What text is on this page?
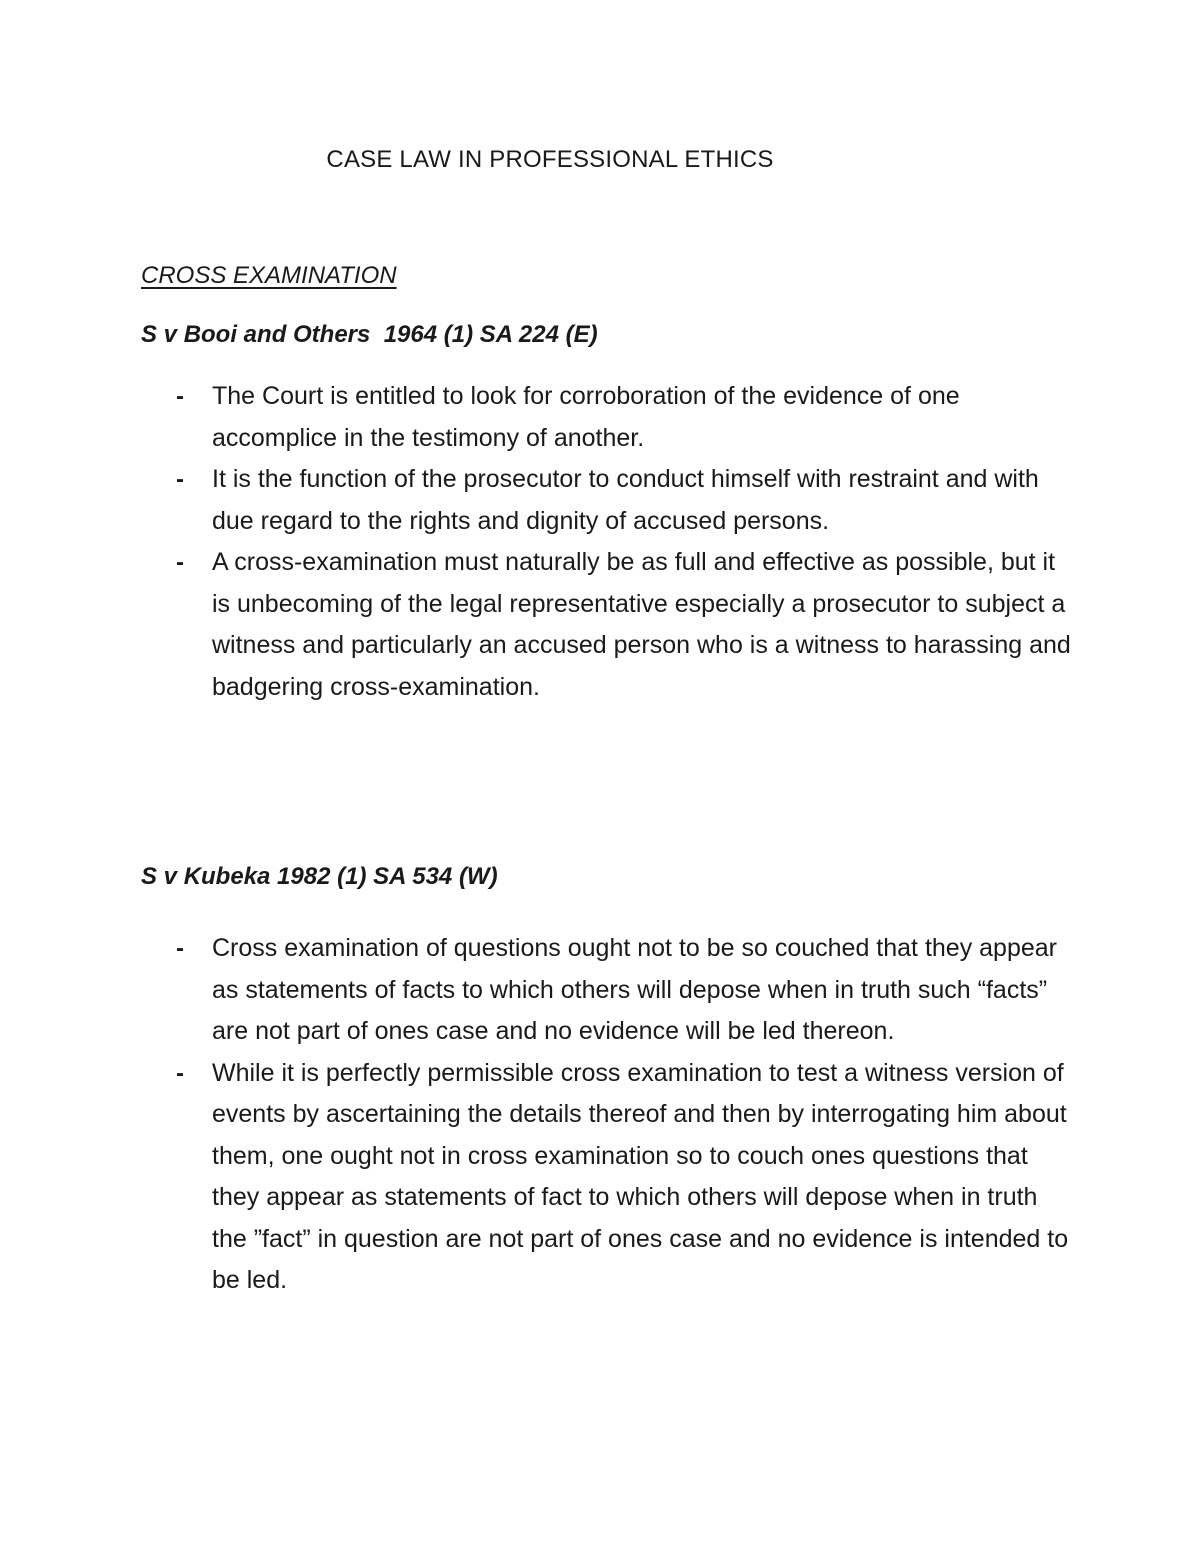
CASE LAW IN PROFESSIONAL ETHICS
CROSS EXAMINATION
S v Booi and Others  1964 (1) SA 224 (E)
- The Court is entitled to look for corroboration of the evidence of one accomplice in the testimony of another.
- It is the function of the prosecutor to conduct himself with restraint and with due regard to the rights and dignity of accused persons.
- A cross-examination must naturally be as full and effective as possible, but it is unbecoming of the legal representative especially a prosecutor to subject a witness and particularly an accused person who is a witness to harassing and badgering cross-examination.
S v Kubeka 1982 (1) SA 534 (W)
- Cross examination of questions ought not to be so couched that they appear as statements of facts to which others will depose when in truth such “facts” are not part of ones case and no evidence will be led thereon.
- While it is perfectly permissible cross examination to test a witness version of events by ascertaining the details thereof and then by interrogating him about them, one ought not in cross examination so to couch ones questions that they appear as statements of fact to which others will depose when in truth the ”fact” in question are not part of ones case and no evidence is intended to be led.
